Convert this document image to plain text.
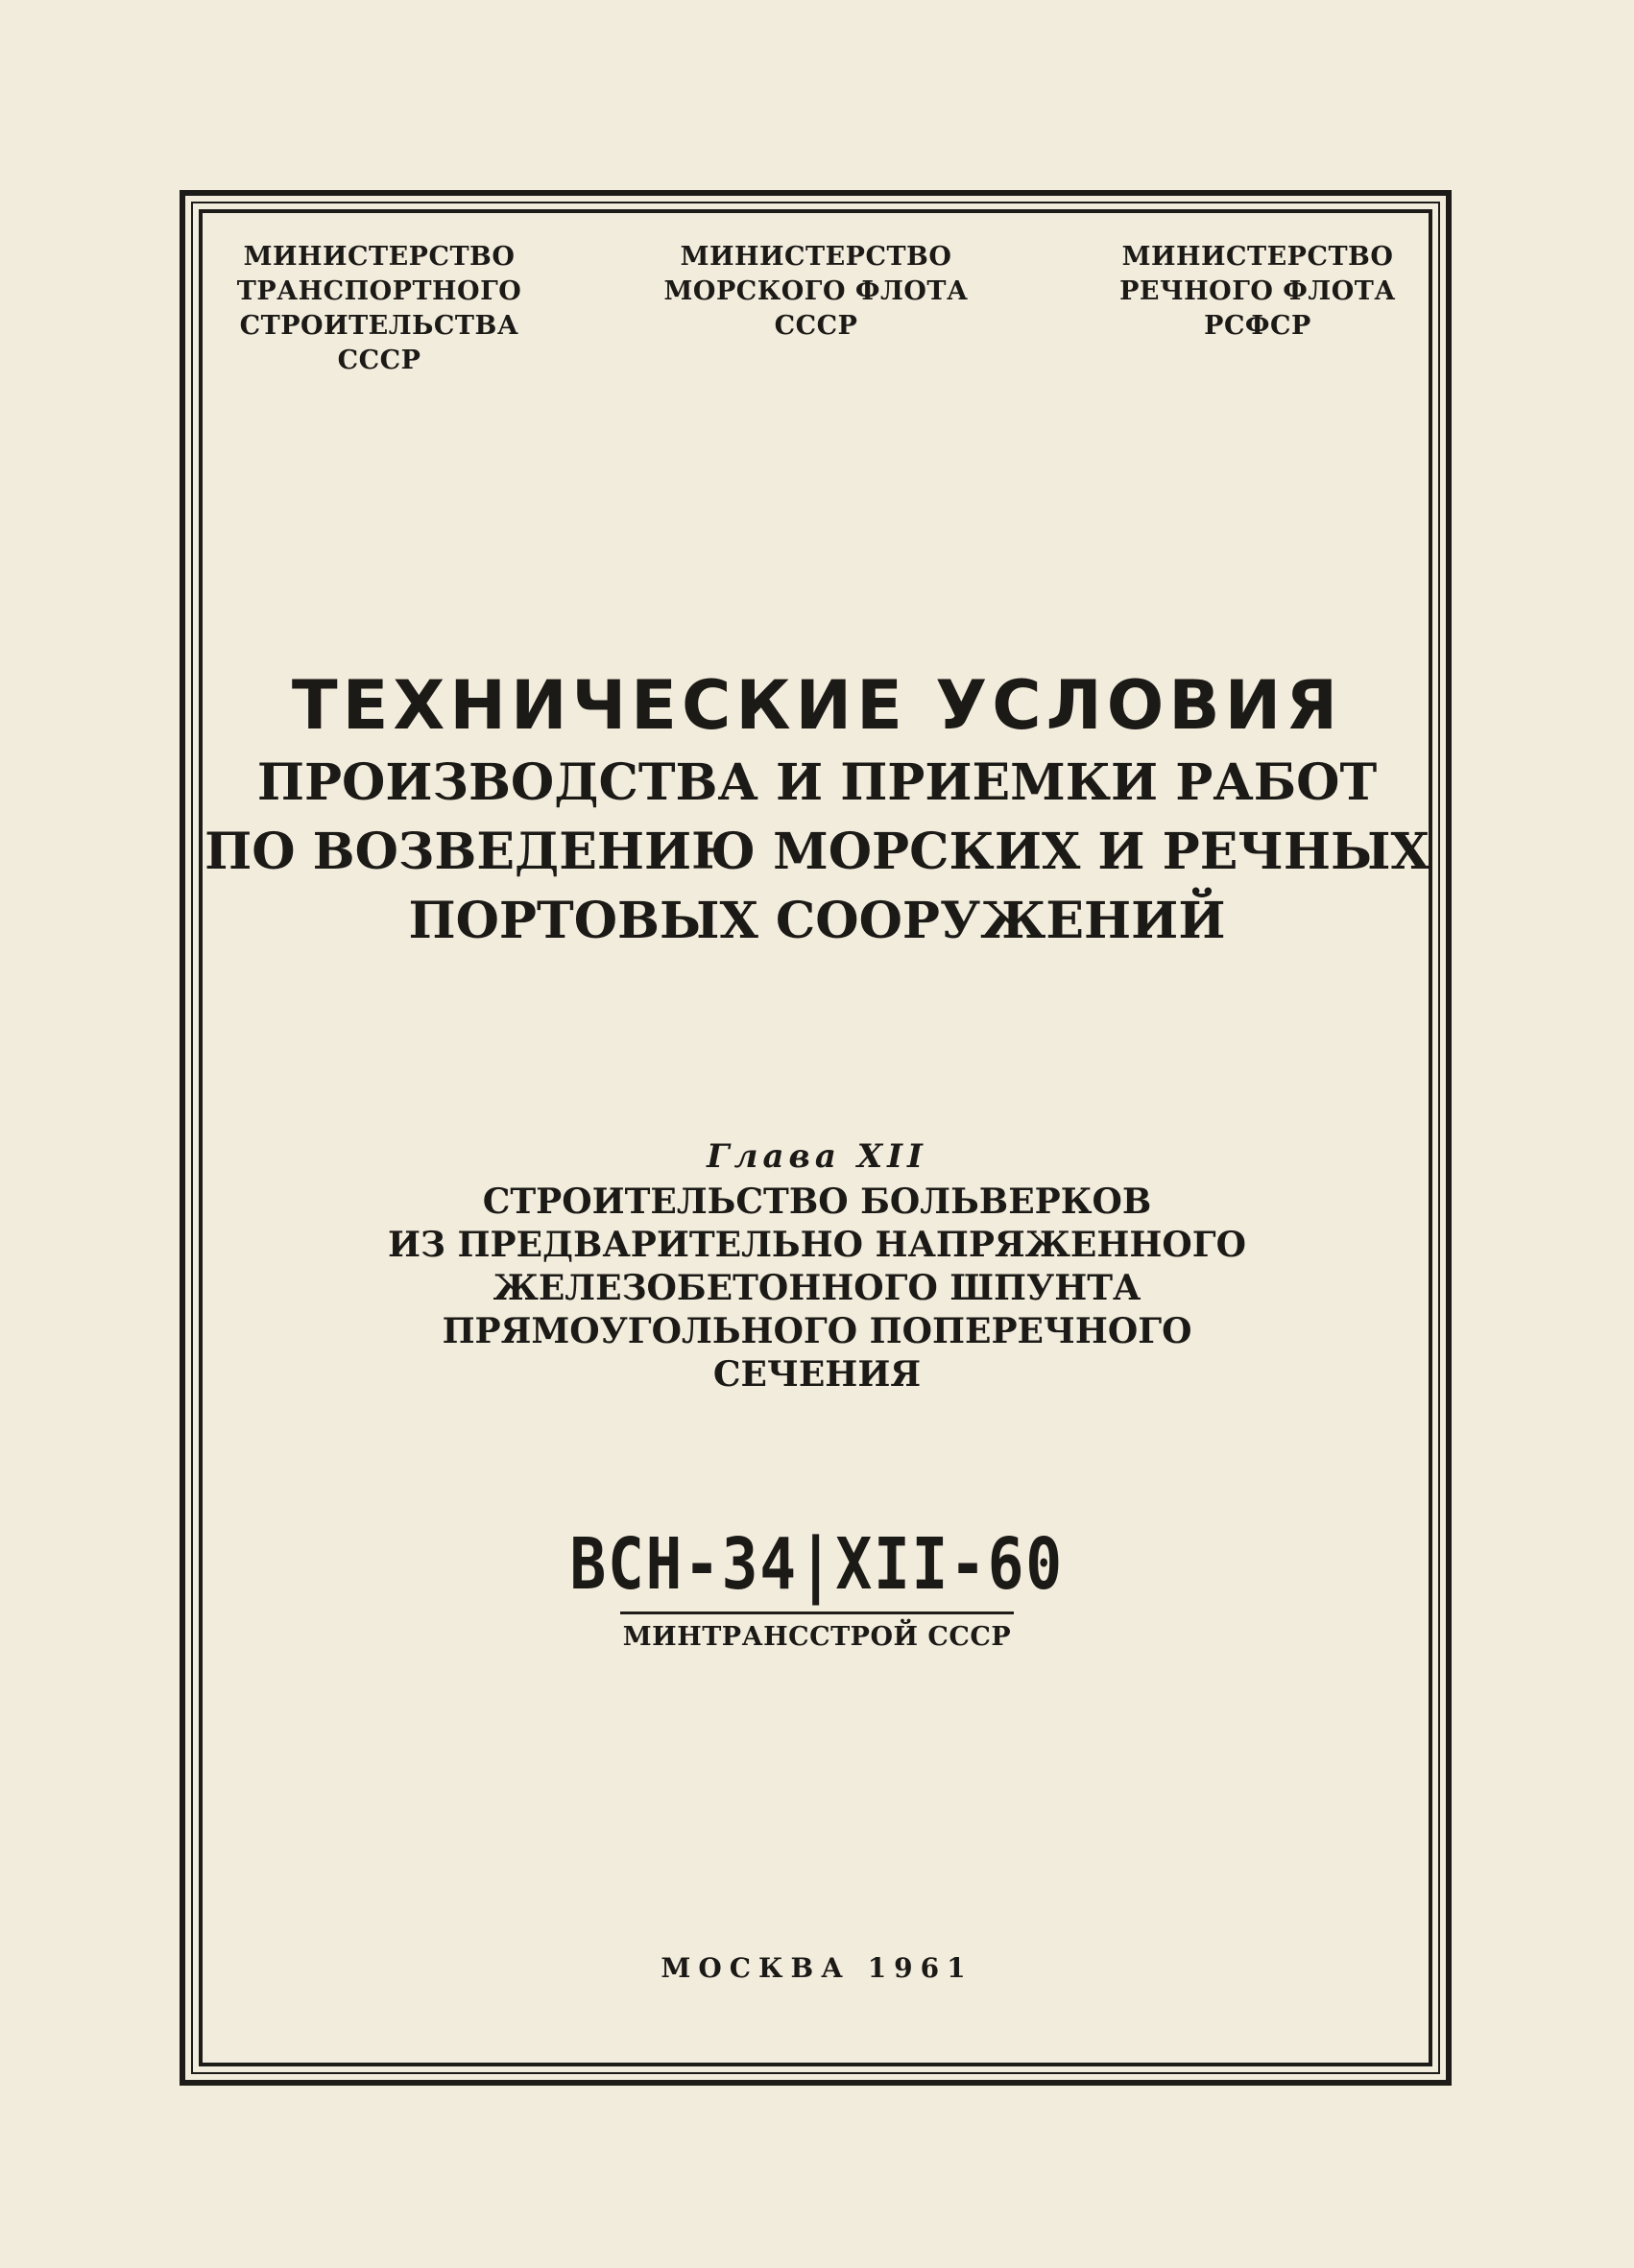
МИНИСТЕРСТВО
ТРАНСПОРТНОГО
СТРОИТЕЛЬСТВА
СССР
МИНИСТЕРСТВО
МОРСКОГО ФЛОТА
СССР
МИНИСТЕРСТВО
РЕЧНОГО ФЛОТА
РСФСР
ТЕХНИЧЕСКИЕ УСЛОВИЯ
ПРОИЗВОДСТВА И ПРИЕМКИ РАБОТ
ПО ВОЗВЕДЕНИЮ МОРСКИХ И РЕЧНЫХ
ПОРТОВЫХ СООРУЖЕНИЙ
Глава XII
СТРОИТЕЛЬСТВО БОЛЬВЕРКОВ
ИЗ ПРЕДВАРИТЕЛЬНО НАПРЯЖЕННОГО
ЖЕЛЕЗОБЕТОННОГО ШПУНТА
ПРЯМОУГОЛЬНОГО ПОПЕРЕЧНОГО
СЕЧЕНИЯ
ВСН-34|XII-60
МИНТРАНССТРОЙ СССР
МОСКВА 1961
